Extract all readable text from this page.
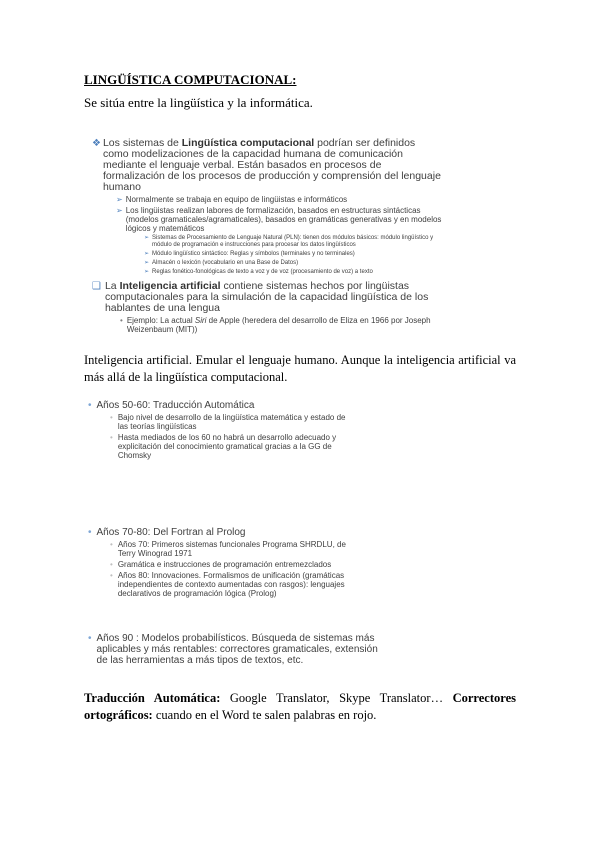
LINGÜÍSTICA COMPUTACIONAL:
Se sitúa entre la lingüística y la informática.
❖ Los sistemas de Lingüística computacional podrían ser definidos como modelizaciones de la capacidad humana de comunicación mediante el lenguaje verbal. Están basados en procesos de formalización de los procesos de producción y comprensión del lenguaje humano
➢ Normalmente se trabaja en equipo de lingüistas e informáticos
➢ Los lingüistas realizan labores de formalización, basados en estructuras sintácticas (modelos gramaticales/agramaticales), basados en gramáticas generativas y en modelos lógicos y matemáticos
➢ Sistemas de Procesamiento de Lenguaje Natural (PLN): tienen dos módulos básicos: módulo lingüístico y módulo de programación e instrucciones para procesar los datos lingüísticos
➢ Módulo lingüístico sintáctico: Reglas y símbolos (terminales y no terminales)
➢ Almacén o lexicón (vocabulario en una Base de Datos)
➢ Reglas fonético-fonológicas de texto a voz y de voz (procesamiento de voz) a texto
❑ La Inteligencia artificial contiene sistemas hechos por lingüistas computacionales para la simulación de la capacidad lingüística de los hablantes de una lengua
• Ejemplo: La actual Siri de Apple (heredera del desarrollo de Eliza en 1966 por Joseph Weizenbaum (MIT))
Inteligencia artificial. Emular el lenguaje humano. Aunque la inteligencia artificial va más allá de la lingüística computacional.
• Años 50-60: Traducción Automática
• Bajo nivel de desarrollo de la lingüística matemática y estado de las teorías lingüísticas
• Hasta mediados de los 60 no habrá un desarrollo adecuado y explicitación del conocimiento gramatical gracias a la GG de Chomsky
• Años 70-80: Del Fortran al Prolog
• Años 70: Primeros sistemas funcionales Programa SHRDLU, de Terry Winograd 1971
• Gramática e instrucciones de programación entremezclados
• Años 80: Innovaciones. Formalismos de unificación (gramáticas independientes de contexto aumentadas con rasgos): lenguajes declarativos de programación lógica (Prolog)
• Años 90 : Modelos probabilísticos. Búsqueda de sistemas más aplicables y más rentables: correctores gramaticales, extensión de las herramientas a más tipos de textos, etc.
Traducción Automática: Google Translator, Skype Translator… Correctores ortográficos: cuando en el Word te salen palabras en rojo.
